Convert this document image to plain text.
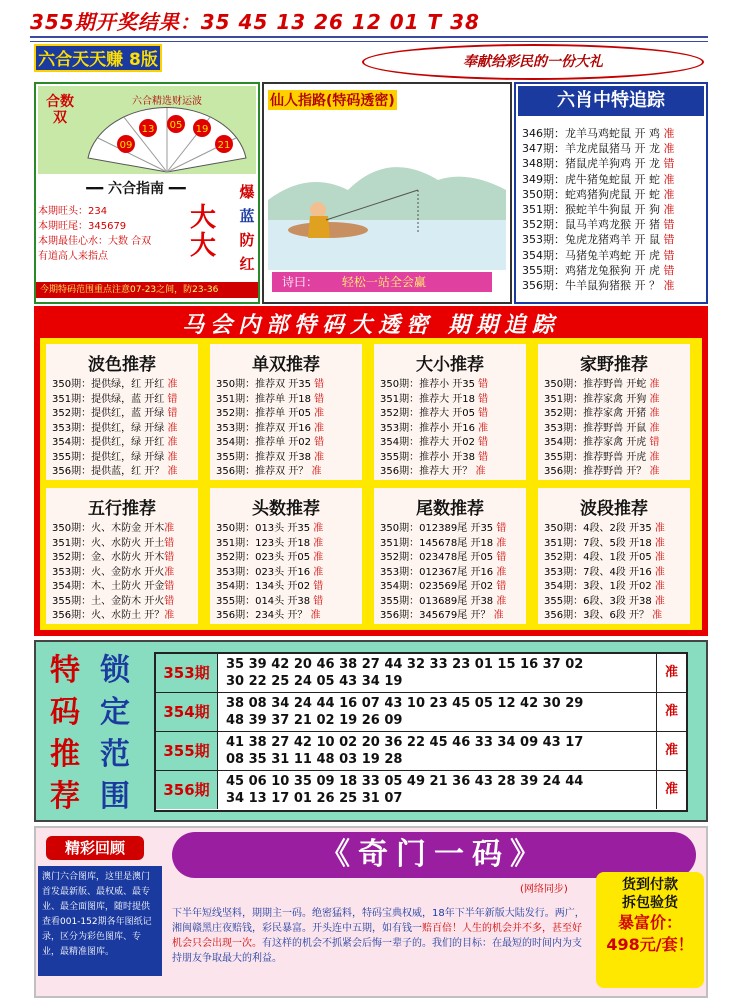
355期开奖结果：35 45 13 26 12 01 T 38
六合天天赚 8版	奉献给彩民的一份大礼
合数双
六合精选财运波
09
13 05 19
21
━━ 六合指南 ━━
本期旺头：234
本期旺尾：345679
本期最佳心水：大数 合双
有道高人来指点
大大
爆
蓝
防
红
今期特码范围重点注意07-23之间，防23-36
仙人指路(特码透密)
诗曰： 轻松一站全会赢
六肖中特追踪
346期：龙羊马鸡蛇鼠 开 鸡 准
347期：羊龙虎鼠猪马 开 龙 准
348期：猪鼠虎羊狗鸡 开 龙 错
349期：虎牛猪兔蛇鼠 开 蛇 准
350期：蛇鸡猪狗虎鼠 开 蛇 准
351期：猴蛇羊牛狗鼠 开 狗 准
352期：鼠马羊鸡龙猴 开 猪 错
353期：兔虎龙猪鸡羊 开 鼠 错
354期：马猪兔羊鸡蛇 开 虎 错
355期：鸡猪龙兔猴狗 开 虎 错
356期：牛羊鼠狗猪猴 开 ？ 准
马会内部特码大透密 期期追踪
波色推荐
350期：提供绿，红 开红 准
351期：提供绿，蓝 开红 错
352期：提供红，蓝 开绿 错
353期：提供红，绿 开绿 准
354期：提供红，绿 开红 准
355期：提供红，绿 开绿 准
356期：提供蓝，红 开？ 准
单双推荐
350期：推荐双 开35 错
351期：推荐单 开18 错
352期：推荐单 开05 准
353期：推荐双 开16 准
354期：推荐单 开02 错
355期：推荐双 开38 准
356期：推荐双 开？ 准
大小推荐
350期：推荐小 开35 错
351期：推荐大 开18 错
352期：推荐大 开05 错
353期：推荐小 开16 准
354期：推荐大 开02 错
355期：推荐小 开38 错
356期：推荐大 开？ 准
家野推荐
350期：推荐野兽 开蛇 准
351期：推荐家禽 开狗 准
352期：推荐家禽 开猪 准
353期：推荐野兽 开鼠 准
354期：推荐家禽 开虎 错
355期：推荐野兽 开虎 准
356期：推荐野兽 开？ 准
五行推荐
350期：火、木防金 开木准
351期：火、水防火 开土错
352期：金、水防火 开木错
353期：火、金防水 开火准
354期：木、土防火 开金错
355期：土、金防木 开火错
356期：火、水防土 开？准
头数推荐
350期：013头 开35 准
351期：123头 开18 准
352期：023头 开05 准
353期：023头 开16 准
354期：134头 开02 错
355期：014头 开38 错
356期：234头 开？ 准
尾数推荐
350期：012389尾 开35 错
351期：145678尾 开18 准
352期：023478尾 开05 错
353期：012367尾 开16 准
354期：023569尾 开02 错
355期：013689尾 开38 准
356期：345679尾 开？ 准
波段推荐
350期：4段、2段 开35 准
351期：7段、5段 开18 准
352期：4段、1段 开05 准
353期：7段、4段 开16 准
354期：3段、1段 开02 准
355期：6段、3段 开38 准
356期：3段、6段 开？ 准
特
码
推
荐
锁
定
范
围
353期	35 39 42 20 46 38 27 44 32 33 23 01 15 16 37 02
30 22 25 24 05 43 34 19
准
354期	38 08 34 24 44 16 07 43 10 23 45 05 12 42 30 29
48 39 37 21 02 19 26 09
准
355期	41 38 27 42 10 02 20 36 22 45 46 33 34 09 43 17
08 35 31 11 48 03 19 28
准
356期	45 06 10 35 09 18 33 05 49 21 36 43 28 39 24 44
34 13 17 01 26 25 31 07
准
精彩回顾
澳门六合图库，这里是澳门首发最新版、最权威、最专业、最全面图库，随时提供查看001-152期各年图纸记录，区分为彩色图库、专业，最精准图库。
《奇门一码》
(网络同步)
下半年短线坚料，期期主一码。绝密猛料，特码宝典权威，18年下半年新版大陆发行。两广，湘闽赣黑庄夜赔钱，彩民暴富。开头连中五期，如有钱一赔百倍！人生的机会并不多，甚至好机会只会出现一次。有这样的机会不抓紧会后悔一辈子的。我们的目标：在最短的时间内为支持朋友争取最大的利益。
货到付款
拆包验货
暴富价：
498元/套！
